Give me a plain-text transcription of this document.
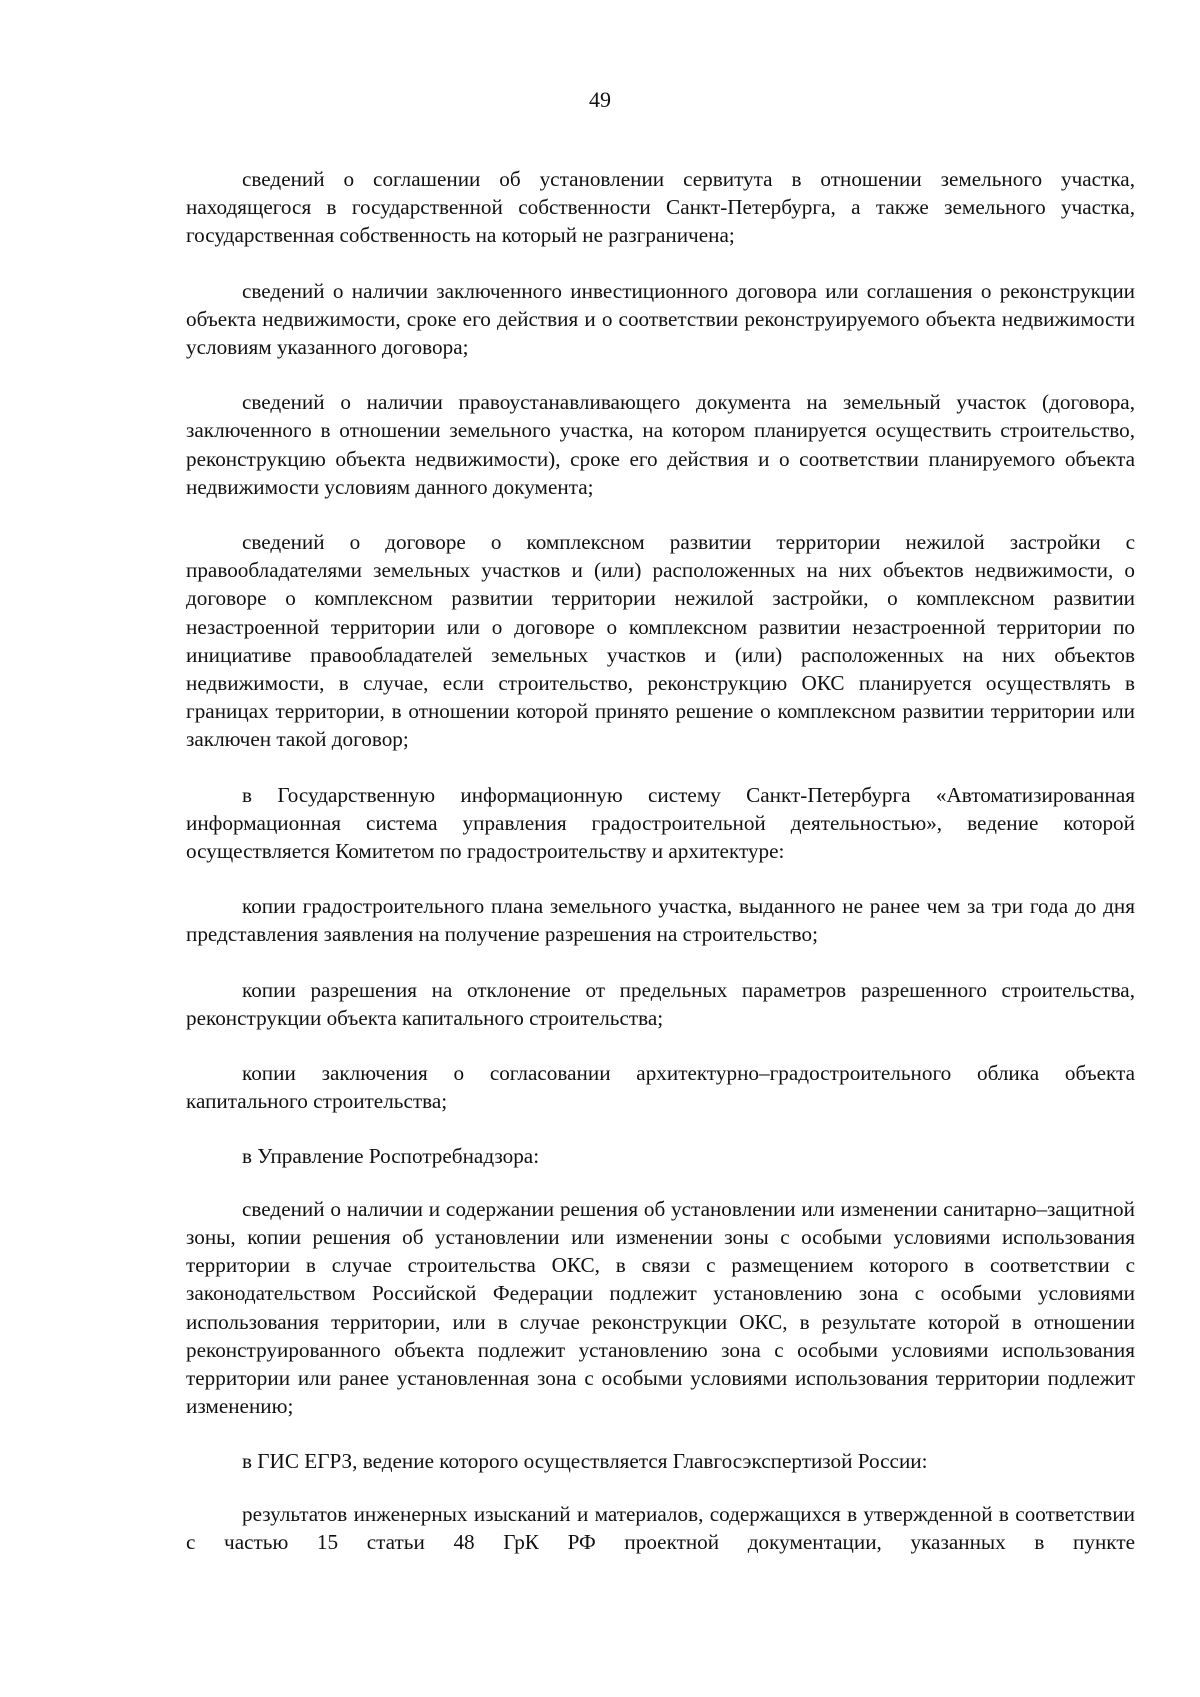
49

сведений о соглашении об установлении сервитута в отношении земельного участка, находящегося в государственной собственности Санкт-Петербурга, а также земельного участка, государственная собственность на который не разграничена;

сведений о наличии заключенного инвестиционного договора или соглашения о реконструкции объекта недвижимости, сроке его действия и о соответствии реконструируемого объекта недвижимости условиям указанного договора;

сведений о наличии правоустанавливающего документа на земельный участок (договора, заключенного в отношении земельного участка, на котором планируется осуществить строительство, реконструкцию объекта недвижимости), сроке его действия и о соответствии планируемого объекта недвижимости условиям данного документа;

сведений о договоре о комплексном развитии территории нежилой застройки с правообладателями земельных участков и (или) расположенных на них объектов недвижимости, о договоре о комплексном развитии территории нежилой застройки, о комплексном развитии незастроенной территории или о договоре о комплексном развитии незастроенной территории по инициативе правообладателей земельных участков и (или) расположенных на них объектов недвижимости, в случае, если строительство, реконструкцию ОКС планируется осуществлять в границах территории, в отношении которой принято решение о комплексном развитии территории или заключен такой договор;

в Государственную информационную систему Санкт-Петербурга «Автоматизированная информационная система управления градостроительной деятельностью», ведение которой осуществляется Комитетом по градостроительству и архитектуре:

копии градостроительного плана земельного участка, выданного не ранее чем за три года до дня представления заявления на получение разрешения на строительство;

копии разрешения на отклонение от предельных параметров разрешенного строительства, реконструкции объекта капитального строительства;

копии заключения о согласовании архитектурно–градостроительного облика объекта капитального строительства;

в Управление Роспотребнадзора:

сведений о наличии и содержании решения об установлении или изменении санитарно–защитной зоны, копии решения об установлении или изменении зоны с особыми условиями использования территории в случае строительства ОКС, в связи с размещением которого в соответствии с законодательством Российской Федерации подлежит установлению зона с особыми условиями использования территории, или в случае реконструкции ОКС, в результате которой в отношении реконструированного объекта подлежит установлению зона с особыми условиями использования территории или ранее установленная зона с особыми условиями использования территории подлежит изменению;

в ГИС ЕГРЗ, ведение которого осуществляется Главгосэкспертизой России:

результатов инженерных изысканий и материалов, содержащихся в утвержденной в соответствии с частью 15 статьи 48 ГрК РФ проектной документации, указанных в пункте
